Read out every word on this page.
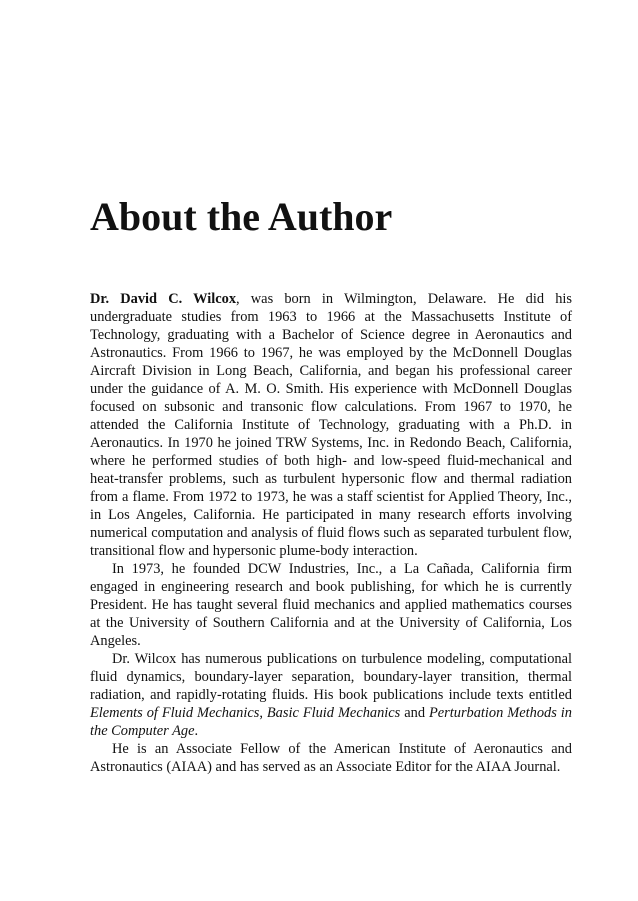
About the Author

Dr. David C. Wilcox, was born in Wilmington, Delaware. He did his undergraduate studies from 1963 to 1966 at the Massachusetts Institute of Technology, graduating with a Bachelor of Science degree in Aeronautics and Astronautics. From 1966 to 1967, he was employed by the McDonnell Douglas Aircraft Division in Long Beach, California, and began his professional career under the guidance of A. M. O. Smith. His experience with McDonnell Douglas focused on subsonic and transonic flow calculations. From 1967 to 1970, he attended the California Institute of Technology, graduating with a Ph.D. in Aeronautics. In 1970 he joined TRW Systems, Inc. in Redondo Beach, California, where he performed studies of both high- and low-speed fluid-mechanical and heat-transfer problems, such as turbulent hypersonic flow and thermal radiation from a flame. From 1972 to 1973, he was a staff scientist for Applied Theory, Inc., in Los Angeles, California. He participated in many research efforts involving numerical computation and analysis of fluid flows such as separated turbulent flow, transitional flow and hypersonic plume-body interaction.

In 1973, he founded DCW Industries, Inc., a La Cañada, California firm engaged in engineering research and book publishing, for which he is currently President. He has taught several fluid mechanics and applied mathematics courses at the University of Southern California and at the University of California, Los Angeles.

Dr. Wilcox has numerous publications on turbulence modeling, computational fluid dynamics, boundary-layer separation, boundary-layer transition, thermal radiation, and rapidly-rotating fluids. His book publications include texts entitled Elements of Fluid Mechanics, Basic Fluid Mechanics and Perturbation Methods in the Computer Age.

He is an Associate Fellow of the American Institute of Aeronautics and Astronautics (AIAA) and has served as an Associate Editor for the AIAA Journal.
